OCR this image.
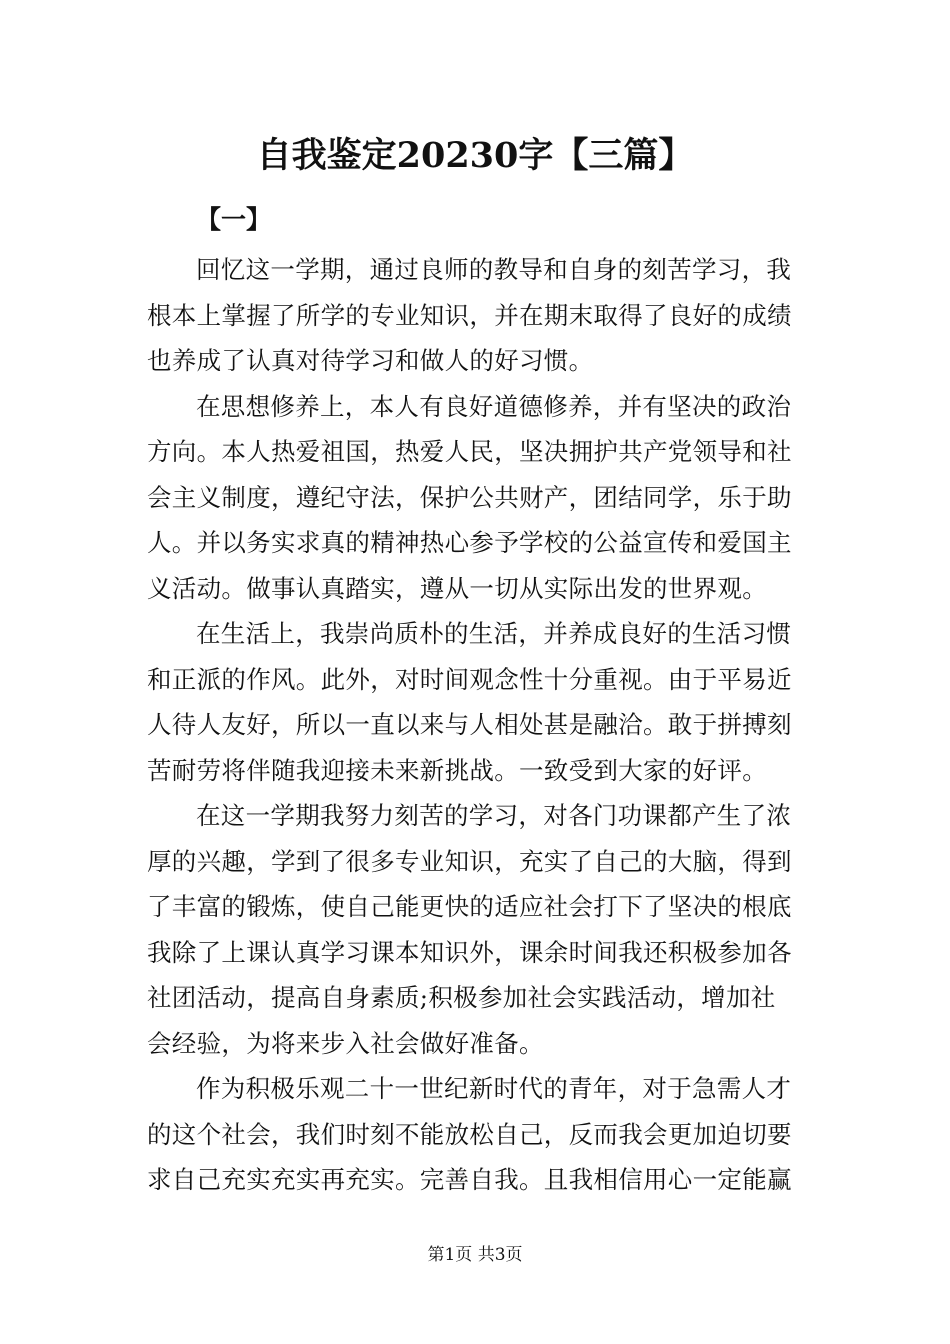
自我鉴定20230字【三篇】
【一】
回忆这一学期，通过良师的教导和自身的刻苦学习，我
根本上掌握了所学的专业知识，并在期末取得了良好的成绩
也养成了认真对待学习和做人的好习惯。
在思想修养上，本人有良好道德修养，并有坚决的政治
方向。本人热爱祖国，热爱人民，坚决拥护共产党领导和社
会主义制度，遵纪守法，保护公共财产，团结同学，乐于助
人。并以务实求真的精神热心参予学校的公益宣传和爱国主
义活动。做事认真踏实，遵从一切从实际出发的世界观。
在生活上，我崇尚质朴的生活，并养成良好的生活习惯
和正派的作风。此外，对时间观念性十分重视。由于平易近
人待人友好，所以一直以来与人相处甚是融洽。敢于拼搏刻
苦耐劳将伴随我迎接未来新挑战。一致受到大家的好评。
在这一学期我努力刻苦的学习，对各门功课都产生了浓
厚的兴趣，学到了很多专业知识，充实了自己的大脑，得到
了丰富的锻炼，使自己能更快的适应社会打下了坚决的根底
我除了上课认真学习课本知识外，课余时间我还积极参加各
社团活动，提高自身素质;积极参加社会实践活动，增加社
会经验，为将来步入社会做好准备。
作为积极乐观二十一世纪新时代的青年，对于急需人才
的这个社会，我们时刻不能放松自己，反而我会更加迫切要
求自己充实充实再充实。完善自我。且我相信用心一定能赢
第1页 共3页
